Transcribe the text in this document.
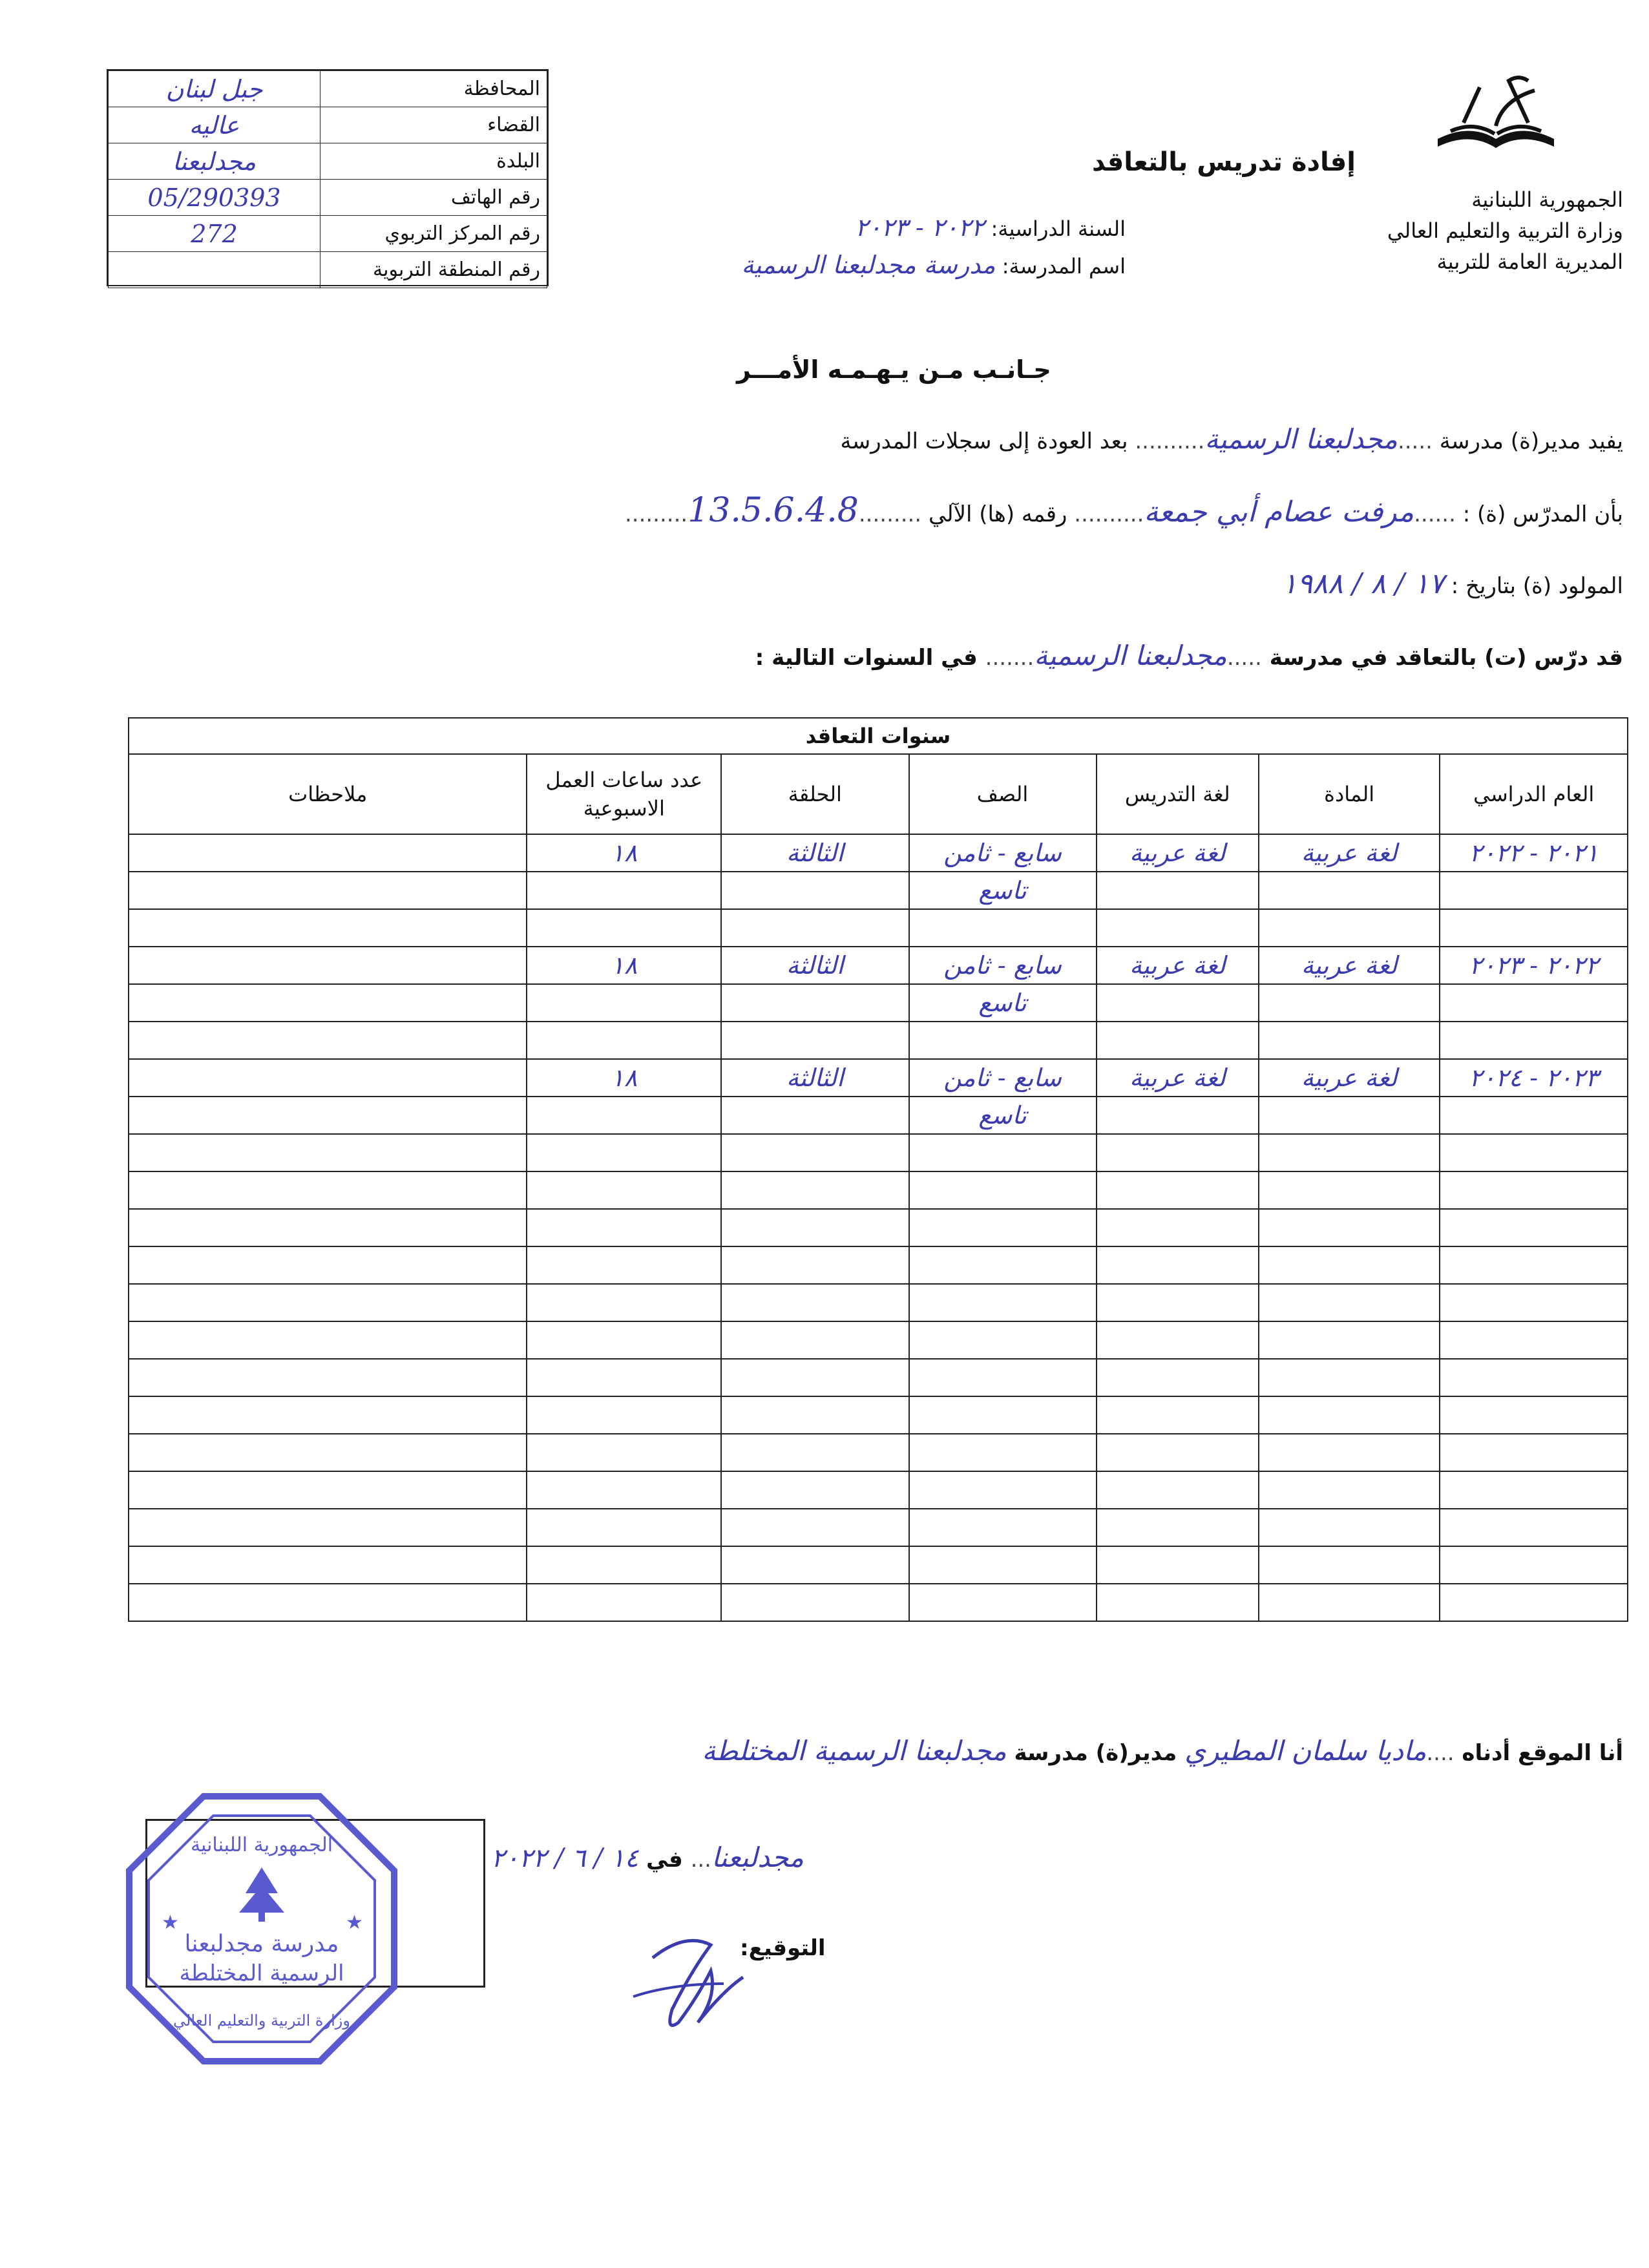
الجمهورية اللبنانية
وزارة التربية والتعليم العالي
المديرية العامة للتربية
إفادة تدريس بالتعاقد
السنة الدراسية: ٢٠٢٢ - ٢٠٢٣
اسم المدرسة: مدرسة مجدلبعنا الرسمية
جبل لبنان	المحافظة
عاليه	القضاء
مجدلبعنا	البلدة
05/290393	رقم الهاتف
272	رقم المركز التربوي
	رقم المنطقة التربوية
جـانـب مـن يـهـمـه الأمـــر
يفيد مدير(ة) مدرسة .....مجدلبعنا الرسمية.......... بعد العودة إلى سجلات المدرسة
بأن المدرّس (ة) : ......مرفت عصام أبي جمعة.......... رقمه (ها) الآلي .........13.5.6.4.8.........
المولود (ة) بتاريخ : ١٧ / ٨ / ١٩٨٨
قد درّس (ت) بالتعاقد في مدرسة .....مجدلبعنا الرسمية....... في السنوات التالية :
سنوات التعاقد						
العام الدراسي	المادة	لغة التدريس	الصف	الحلقة	عدد ساعات العمل الاسبوعية	ملاحظات
٢٠٢١ - ٢٠٢٢	لغة عربية	لغة عربية	سابع - ثامن	الثالثة	١٨	
			تاسع			

٢٠٢٢ - ٢٠٢٣	لغة عربية	لغة عربية	سابع - ثامن	الثالثة	١٨	
			تاسع			

٢٠٢٣ - ٢٠٢٤	لغة عربية	لغة عربية	سابع - ثامن	الثالثة	١٨	
			تاسع			

أنا الموقع أدناه ....ماديا سلمان المطيري مدير(ة) مدرسة مجدلبعنا الرسمية المختلطة
مجدلبعنا... في ١٤ / ٦ / ٢٠٢٢
التوقيع:
الجمهورية اللبنانية
مدرسة مجدلبعنا
الرسمية المختلطة
وزارة التربية والتعليم العالي
★	★
